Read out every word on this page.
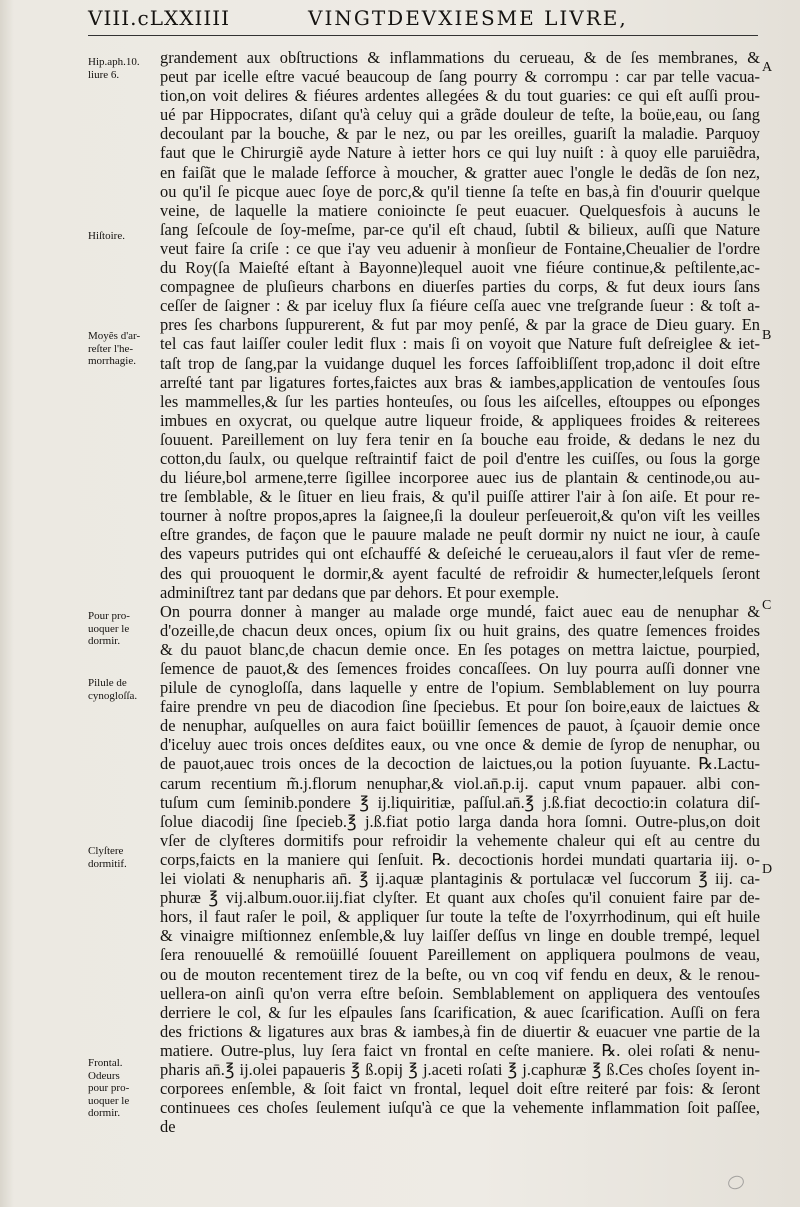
VIII.cLXXIIII	VINGTDEVXIESME LIVRE,
grandement aux obſtructions & inflammations du cerueau, & de ſes membranes, &
peut par icelle eſtre vacué beaucoup de ſang pourry & corrompu : car par telle vacua-
tion,on voit delires & fiéures ardentes allegées & du tout guaries: ce qui eſt auſſi prou-
ué par Hippocrates, diſant qu'à celuy qui a grãde douleur de teſte, la boüe,eau, ou ſang
decoulant par la bouche, & par le nez, ou par les oreilles, guariſt la maladie. Parquoy
faut que le Chirurgiẽ ayde Nature à ietter hors ce qui luy nuiſt : à quoy elle paruiẽdra,
en faiſãt que le malade ſefforce à moucher, & gratter auec l'ongle le dedãs de ſon nez,
ou qu'il ſe picque auec ſoye de porc,& qu'il tienne ſa teſte en bas,à fin d'ouurir quelque
veine, de laquelle la matiere conioincte ſe peut euacuer. Quelquesfois à aucuns le
ſang ſeſcoule de ſoy-meſme, par-ce qu'il eſt chaud, ſubtil & bilieux, auſſi que Nature
veut faire ſa criſe : ce que i'ay veu aduenir à monſieur de Fontaine,Cheualier de l'ordre
du Roy(ſa Maieſté eſtant à Bayonne)lequel auoit vne fiéure continue,& peſtilente,ac-
compagnee de pluſieurs charbons en diuerſes parties du corps, & fut deux iours ſans
ceſſer de ſaigner : & par iceluy flux ſa fiéure ceſſa auec vne treſgrande ſueur : & toſt a-
pres ſes charbons ſuppurerent, & fut par moy penſé, & par la grace de Dieu guary. En
tel cas faut laiſſer couler ledit flux : mais ſi on voyoit que Nature fuſt deſreiglee & iet-
taſt trop de ſang,par la vuidange duquel les forces ſaffoibliſſent trop,adonc il doit eſtre
arreſté tant par ligatures fortes,faictes aux bras & iambes,application de ventouſes ſous
les mammelles,& ſur les parties honteuſes, ou ſous les aiſcelles, eſtouppes ou eſponges
imbues en oxycrat, ou quelque autre liqueur froide, & appliquees froides & reiterees
ſouuent. Pareillement on luy fera tenir en ſa bouche eau froide, & dedans le nez du
cotton,du ſaulx, ou quelque reſtraintif faict de poil d'entre les cuiſſes, ou ſous la gorge
du liéure,bol armene,terre ſigillee incorporee auec ius de plantain & centinode,ou au-
tre ſemblable, & le ſituer en lieu frais, & qu'il puiſſe attirer l'air à ſon aiſe. Et pour re-
tourner à noſtre propos,apres la ſaignee,ſi la douleur perſeueroit,& qu'on viſt les veilles
eſtre grandes, de façon que le pauure malade ne peuſt dormir ny nuict ne iour, à cauſe
des vapeurs putrides qui ont eſchauffé & deſeiché le cerueau,alors il faut vſer de reme-
des qui prouoquent le dormir,& ayent faculté de refroidir & humecter,leſquels ſeront
adminiſtrez tant par dedans que par dehors. Et pour exemple.
On pourra donner à manger au malade orge mundé, faict auec eau de nenuphar &
d'ozeille,de chacun deux onces, opium ſix ou huit grains, des quatre ſemences froides
& du pauot blanc,de chacun demie once. En ſes potages on mettra laictue, pourpied,
ſemence de pauot,& des ſemences froides concaſſees. On luy pourra auſſi donner vne
pilule de cynogloſſa, dans laquelle y entre de l'opium. Semblablement on luy pourra
faire prendre vn peu de diacodion ſine ſpeciebus. Et pour ſon boire,eaux de laictues &
de nenuphar, auſquelles on aura faict boüillir ſemences de pauot, à ſçauoir demie once
d'iceluy auec trois onces deſdites eaux, ou vne once & demie de ſyrop de nenuphar, ou
de pauot,auec trois onces de la decoction de laictues,ou la potion ſuyuante. ℞.Lactu-
carum recentium m̃.j.florum nenuphar,& viol.an̄.p.ij. caput vnum papauer. albi con-
tuſum cum ſeminib.pondere ℥ ij.liquiritiæ, paſſul.an̄.℥ j.ß.fiat decoctio:in colatura diſ-
ſolue diacodij ſine ſpecieb.℥ j.ß.fiat potio larga danda hora ſomni. Outre-plus,on doit
vſer de clyſteres dormitifs pour refroidir la vehemente chaleur qui eſt au centre du
corps,faicts en la maniere qui ſenſuit. ℞. decoctionis hordei mundati quartaria iij. o-
lei violati & nenupharis an̄. ℥ ij.aquæ plantaginis & portulacæ vel ſuccorum ℥ iij. ca-
phuræ ℥ vij.album.ouor.iij.fiat clyſter. Et quant aux choſes qu'il conuient faire par de-
hors, il faut raſer le poil, & appliquer ſur toute la teſte de l'oxyrrhodinum, qui eſt huile
& vinaigre miſtionnez enſemble,& luy laiſſer deſſus vn linge en double trempé, lequel
ſera renouuellé & remoüillé ſouuent Pareillement on appliquera poulmons de veau,
ou de mouton recentement tirez de la beſte, ou vn coq vif fendu en deux, & le renou-
uellera-on ainſi qu'on verra eſtre beſoin. Semblablement on appliquera des ventouſes
derriere le col, & ſur les eſpaules ſans ſcarification, & auec ſcarification. Auſſi on fera
des frictions & ligatures aux bras & iambes,à fin de diuertir & euacuer vne partie de la
matiere. Outre-plus, luy ſera faict vn frontal en ceſte maniere. ℞. olei roſati & nenu-
pharis an̄.℥ ij.olei papaueris ℥ ß.opij ℥ j.aceti roſati ℥ j.caphuræ ℥ ß.Ces choſes ſoyent in-
corporees enſemble, & ſoit faict vn frontal, lequel doit eſtre reiteré par fois: & ſeront
continuees ces choſes ſeulement iuſqu'à ce que la vehemente inflammation ſoit paſſee,
de
Hip.aph.10.
liure 6.
Hiſtoire.
Moyẽs d'ar-
reſter l'he-
morrhagie.
Pour pro-
uoquer le
dormir.
Pilule de
cynogloſſa.
Clyſtere
dormitif.
Frontal.
Odeurs
pour pro-
uoquer le
dormir.
A
B
C
D
